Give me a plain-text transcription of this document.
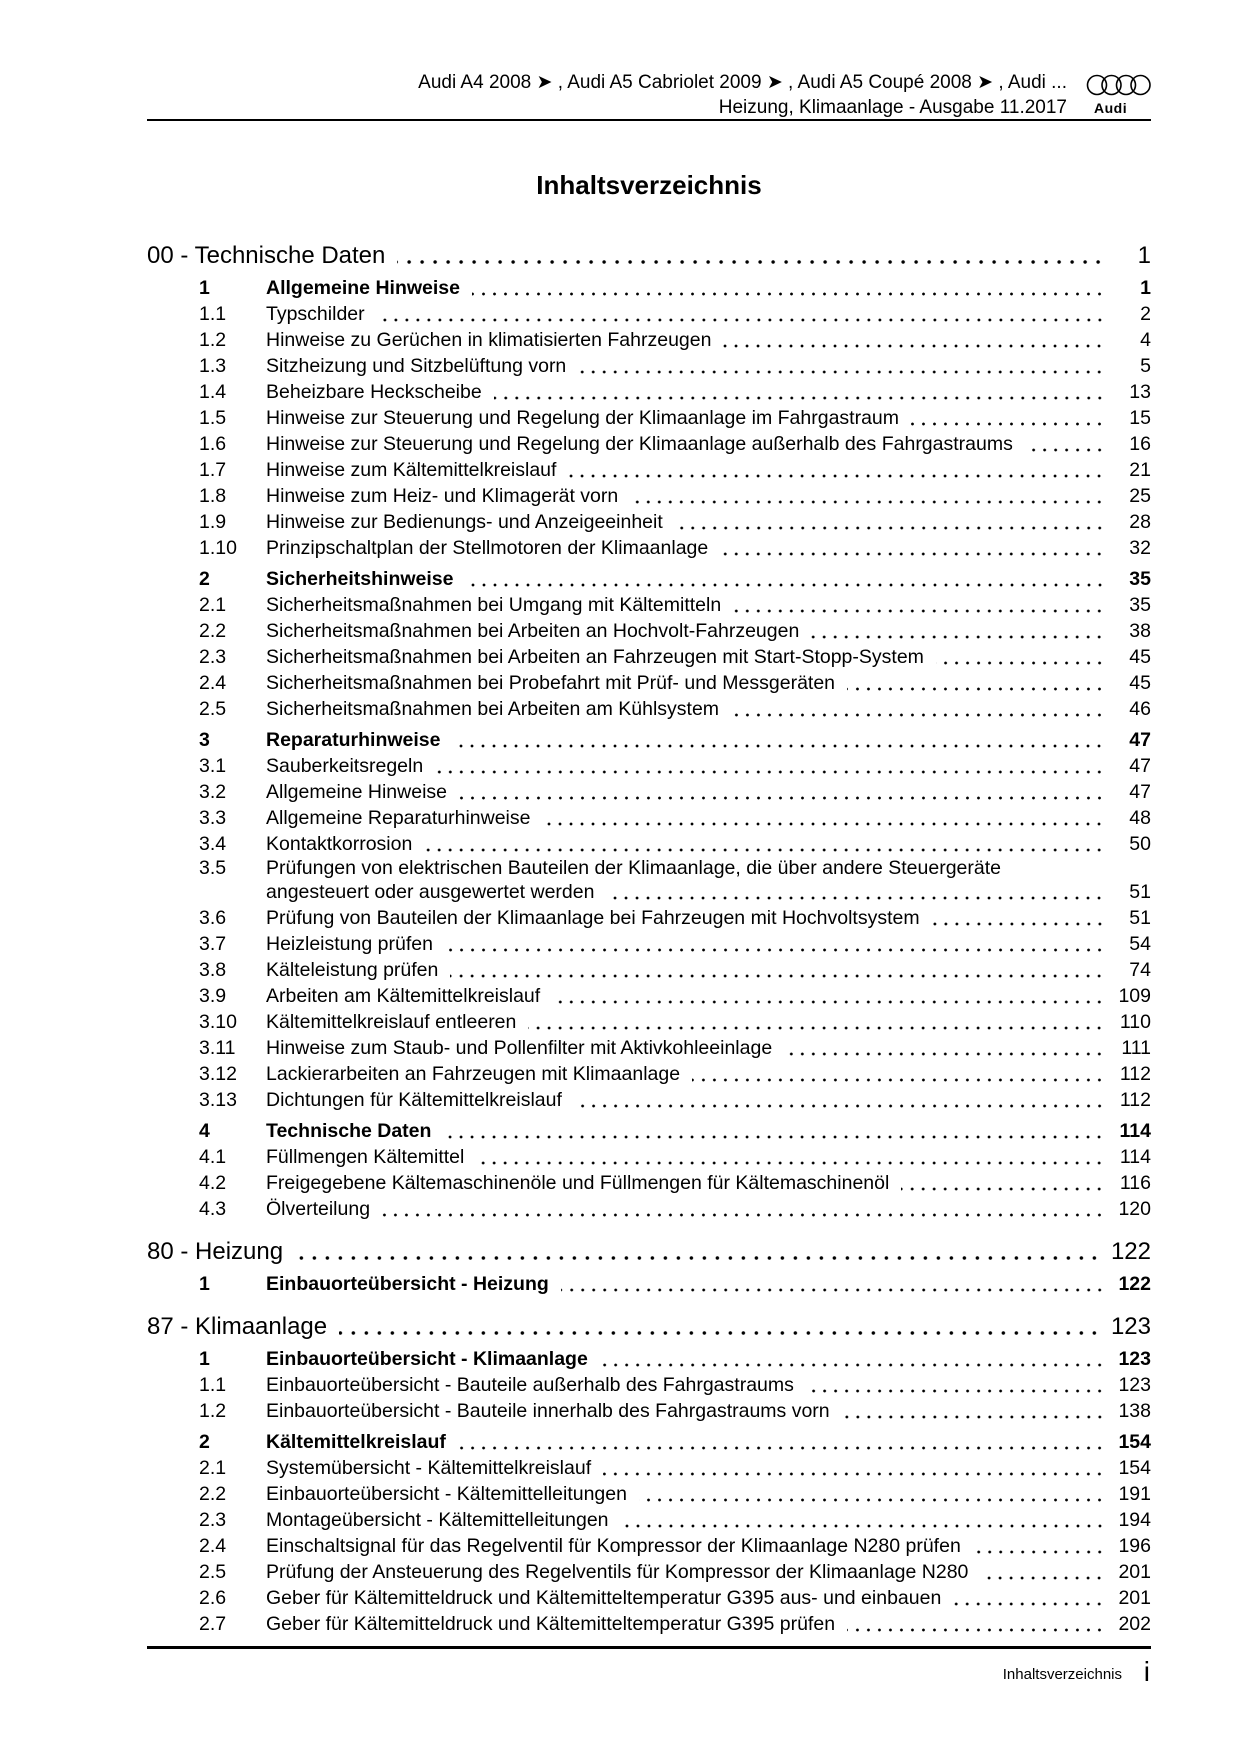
Audi A4 2008 ➤ , Audi A5 Cabriolet 2009 ➤ , Audi A5 Coupé 2008 ➤ , Audi ...
Heizung, Klimaanlage - Ausgabe 11.2017 Audi
Inhaltsverzeichnis
00 - Technische Daten	1
1	Allgemeine Hinweise	1
1.1	Typschilder	2
1.2	Hinweise zu Gerüchen in klimatisierten Fahrzeugen	4
1.3	Sitzheizung und Sitzbelüftung vorn	5
1.4	Beheizbare Heckscheibe	13
1.5	Hinweise zur Steuerung und Regelung der Klimaanlage im Fahrgastraum	15
1.6	Hinweise zur Steuerung und Regelung der Klimaanlage außerhalb des Fahrgastraums	16
1.7	Hinweise zum Kältemittelkreislauf	21
1.8	Hinweise zum Heiz- und Klimagerät vorn	25
1.9	Hinweise zur Bedienungs- und Anzeigeeinheit	28
1.10	Prinzipschaltplan der Stellmotoren der Klimaanlage	32
2	Sicherheitshinweise	35
2.1	Sicherheitsmaßnahmen bei Umgang mit Kältemitteln	35
2.2	Sicherheitsmaßnahmen bei Arbeiten an Hochvolt-Fahrzeugen	38
2.3	Sicherheitsmaßnahmen bei Arbeiten an Fahrzeugen mit Start-Stopp-System	45
2.4	Sicherheitsmaßnahmen bei Probefahrt mit Prüf- und Messgeräten	45
2.5	Sicherheitsmaßnahmen bei Arbeiten am Kühlsystem	46
3	Reparaturhinweise	47
3.1	Sauberkeitsregeln	47
3.2	Allgemeine Hinweise	47
3.3	Allgemeine Reparaturhinweise	48
3.4	Kontaktkorrosion	50
3.5	Prüfungen von elektrischen Bauteilen der Klimaanlage, die über andere Steuergeräte
angesteuert oder ausgewertet werden	51
3.6	Prüfung von Bauteilen der Klimaanlage bei Fahrzeugen mit Hochvoltsystem	51
3.7	Heizleistung prüfen	54
3.8	Kälteleistung prüfen	74
3.9	Arbeiten am Kältemittelkreislauf	109
3.10	Kältemittelkreislauf entleeren	110
3.11	Hinweise zum Staub- und Pollenfilter mit Aktivkohleeinlage	111
3.12	Lackierarbeiten an Fahrzeugen mit Klimaanlage	112
3.13	Dichtungen für Kältemittelkreislauf	112
4	Technische Daten	114
4.1	Füllmengen Kältemittel	114
4.2	Freigegebene Kältemaschinenöle und Füllmengen für Kältemaschinenöl	116
4.3	Ölverteilung	120
80 - Heizung	122
1	Einbauorteübersicht - Heizung	122
87 - Klimaanlage	123
1	Einbauorteübersicht - Klimaanlage	123
1.1	Einbauorteübersicht - Bauteile außerhalb des Fahrgastraums	123
1.2	Einbauorteübersicht - Bauteile innerhalb des Fahrgastraums vorn	138
2	Kältemittelkreislauf	154
2.1	Systemübersicht - Kältemittelkreislauf	154
2.2	Einbauorteübersicht - Kältemittelleitungen	191
2.3	Montageübersicht - Kältemittelleitungen	194
2.4	Einschaltsignal für das Regelventil für Kompressor der Klimaanlage N280 prüfen	196
2.5	Prüfung der Ansteuerung des Regelventils für Kompressor der Klimaanlage N280	201
2.6	Geber für Kältemitteldruck und Kältemitteltemperatur G395 aus- und einbauen	201
2.7	Geber für Kältemitteldruck und Kältemitteltemperatur G395 prüfen	202
Inhaltsverzeichnis i
